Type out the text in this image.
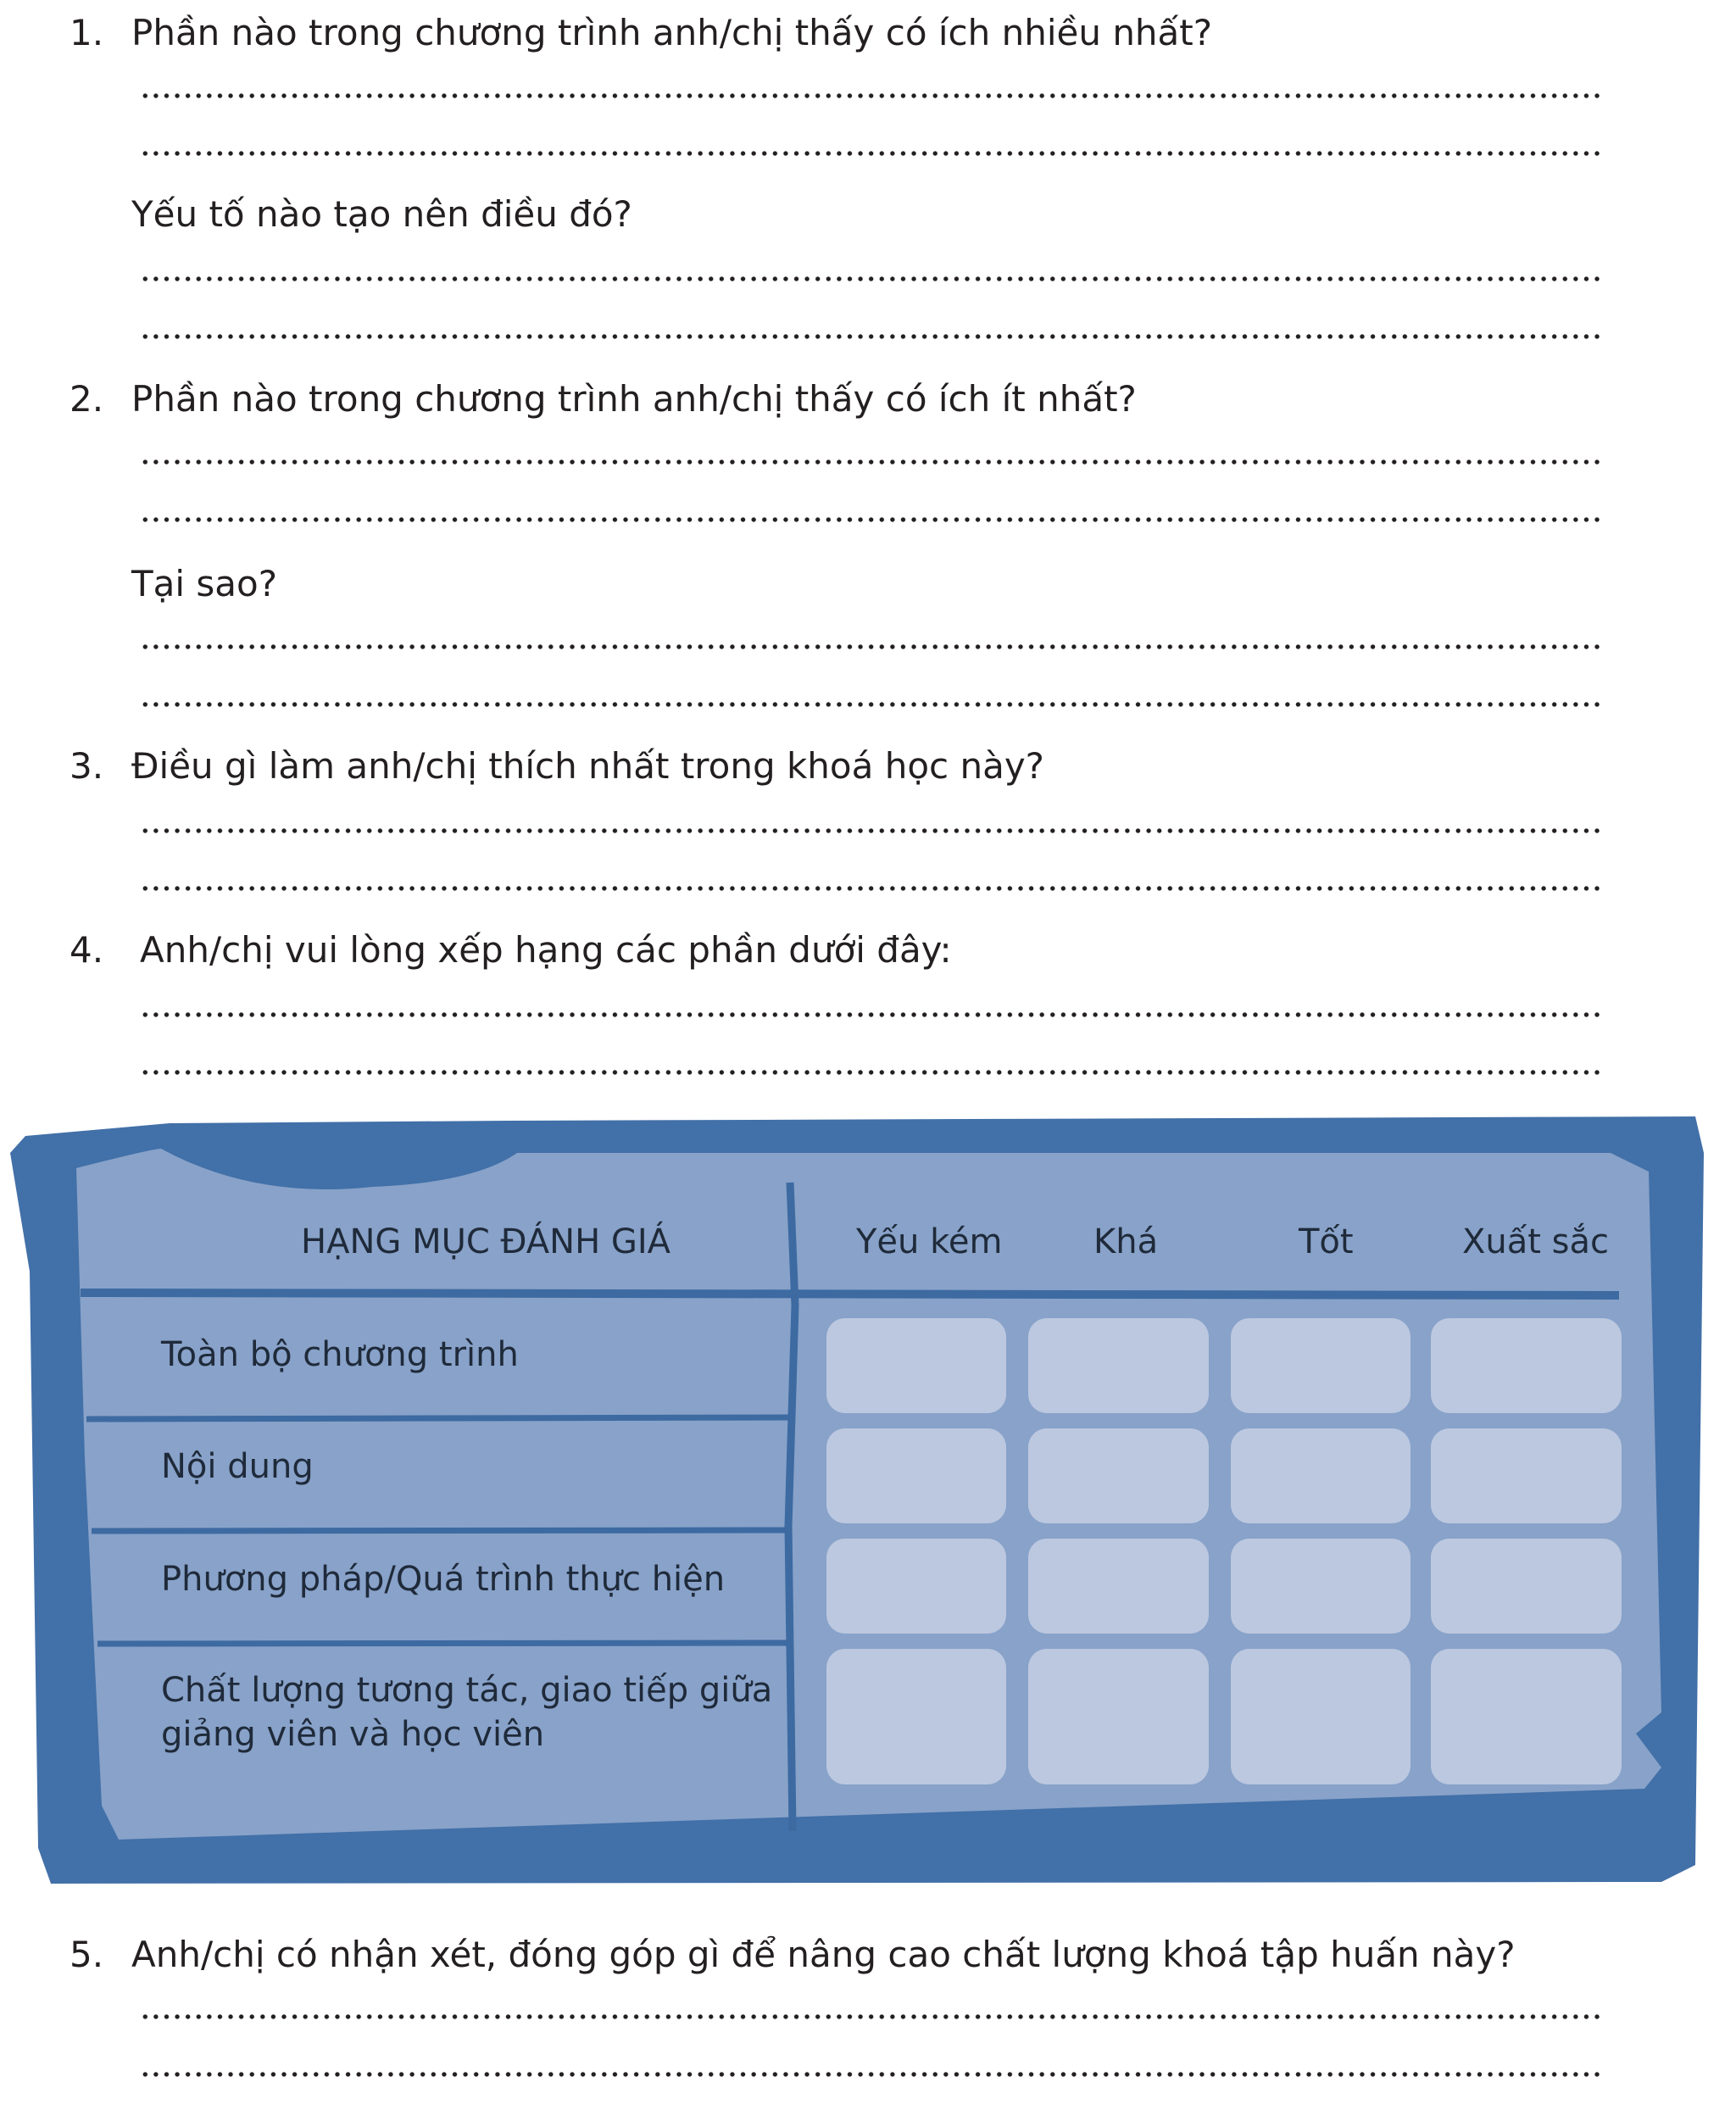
1. Phần nào trong chương trình anh/chị thấy có ích nhiều nhất?
Yếu tố nào tạo nên điều đó?
2. Phần nào trong chương trình anh/chị thấy có ích ít nhất?
Tại sao?
3. Điều gì làm anh/chị thích nhất trong khoá học này?
4. Anh/chị vui lòng xếp hạng các phần dưới đây:
HẠNG MỤC ĐÁNH GIÁ	Yếu kém	Khá	Tốt	Xuất sắc
Toàn bộ chương trình
Nội dung
Phương pháp/Quá trình thực hiện
Chất lượng tương tác, giao tiếp giữa
giảng viên và học viên
5. Anh/chị có nhận xét, đóng góp gì để nâng cao chất lượng khoá tập huấn này?
